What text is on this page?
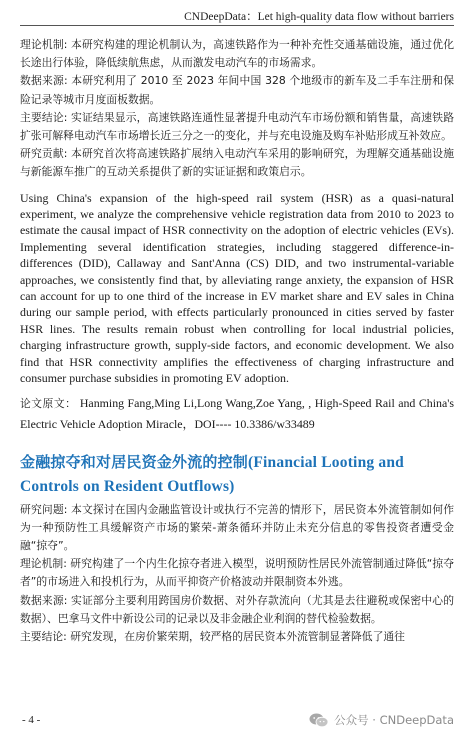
CNDeepData：Let high-quality data flow without barriers

理论机制: 本研究构建的理论机制认为，高速铁路作为一种补充性交通基础设施，通过优化长途出行体验，降低续航焦虑，从而激发电动汽车的市场需求。

数据来源: 本研究利用了 2010 至 2023 年间中国 328 个地级市的新车及二手车注册和保险记录等城市月度面板数据。

主要结论: 实证结果显示，高速铁路连通性显著提升电动汽车市场份额和销售量，高速铁路扩张可解释电动汽车市场增长近三分之一的变化，并与充电设施及购车补贴形成互补效应。

研究贡献: 本研究首次将高速铁路扩展纳入电动汽车采用的影响研究，为理解交通基础设施与新能源车推广的互动关系提供了新的实证证据和政策启示。

Using China's expansion of the high-speed rail system (HSR) as a quasi-natural experiment, we analyze the comprehensive vehicle registration data from 2010 to 2023 to estimate the causal impact of HSR connectivity on the adoption of electric vehicles (EVs). Implementing several identification strategies, including staggered difference-in-differences (DID), Callaway and Sant'Anna (CS) DID, and two instrumental-variable approaches, we consistently find that, by alleviating range anxiety, the expansion of HSR can account for up to one third of the increase in EV market share and EV sales in China during our sample period, with effects particularly pronounced in cities served by faster HSR lines. The results remain robust when controlling for local industrial policies, charging infrastructure growth, supply-side factors, and economic development. We also find that HSR connectivity amplifies the effectiveness of charging infrastructure and consumer purchase subsidies in promoting EV adoption.

论文原文： Hanming Fang,Ming Li,Long Wang,Zoe Yang, , High-Speed Rail and China's Electric Vehicle Adoption Miracle，DOI---- 10.3386/w33489

金融掠夺和对居民资金外流的控制(Financial Looting and Controls on Resident Outflows)

研究问题: 本文探讨在国内金融监管设计或执行不完善的情形下，居民资本外流管制如何作为一种预防性工具缓解资产市场的繁荣-萧条循环并防止未充分信息的零售投资者遭受金融“掠夺”。

理论机制: 研究构建了一个内生化掠夺者进入模型，说明预防性居民外流管制通过降低“掠夺者”的市场进入和投机行为，从而平抑资产价格波动并限制资本外逃。

数据来源: 实证部分主要利用跨国房价数据、对外存款流向（尤其是去往避税或保密中心的数据）、巴拿马文件中新设公司的记录以及非金融企业利润的替代检验数据。

主要结论: 研究发现，在房价繁荣期，较严格的居民资本外流管制显著降低了通往

- 4 -	公众号 · CNDeepData
